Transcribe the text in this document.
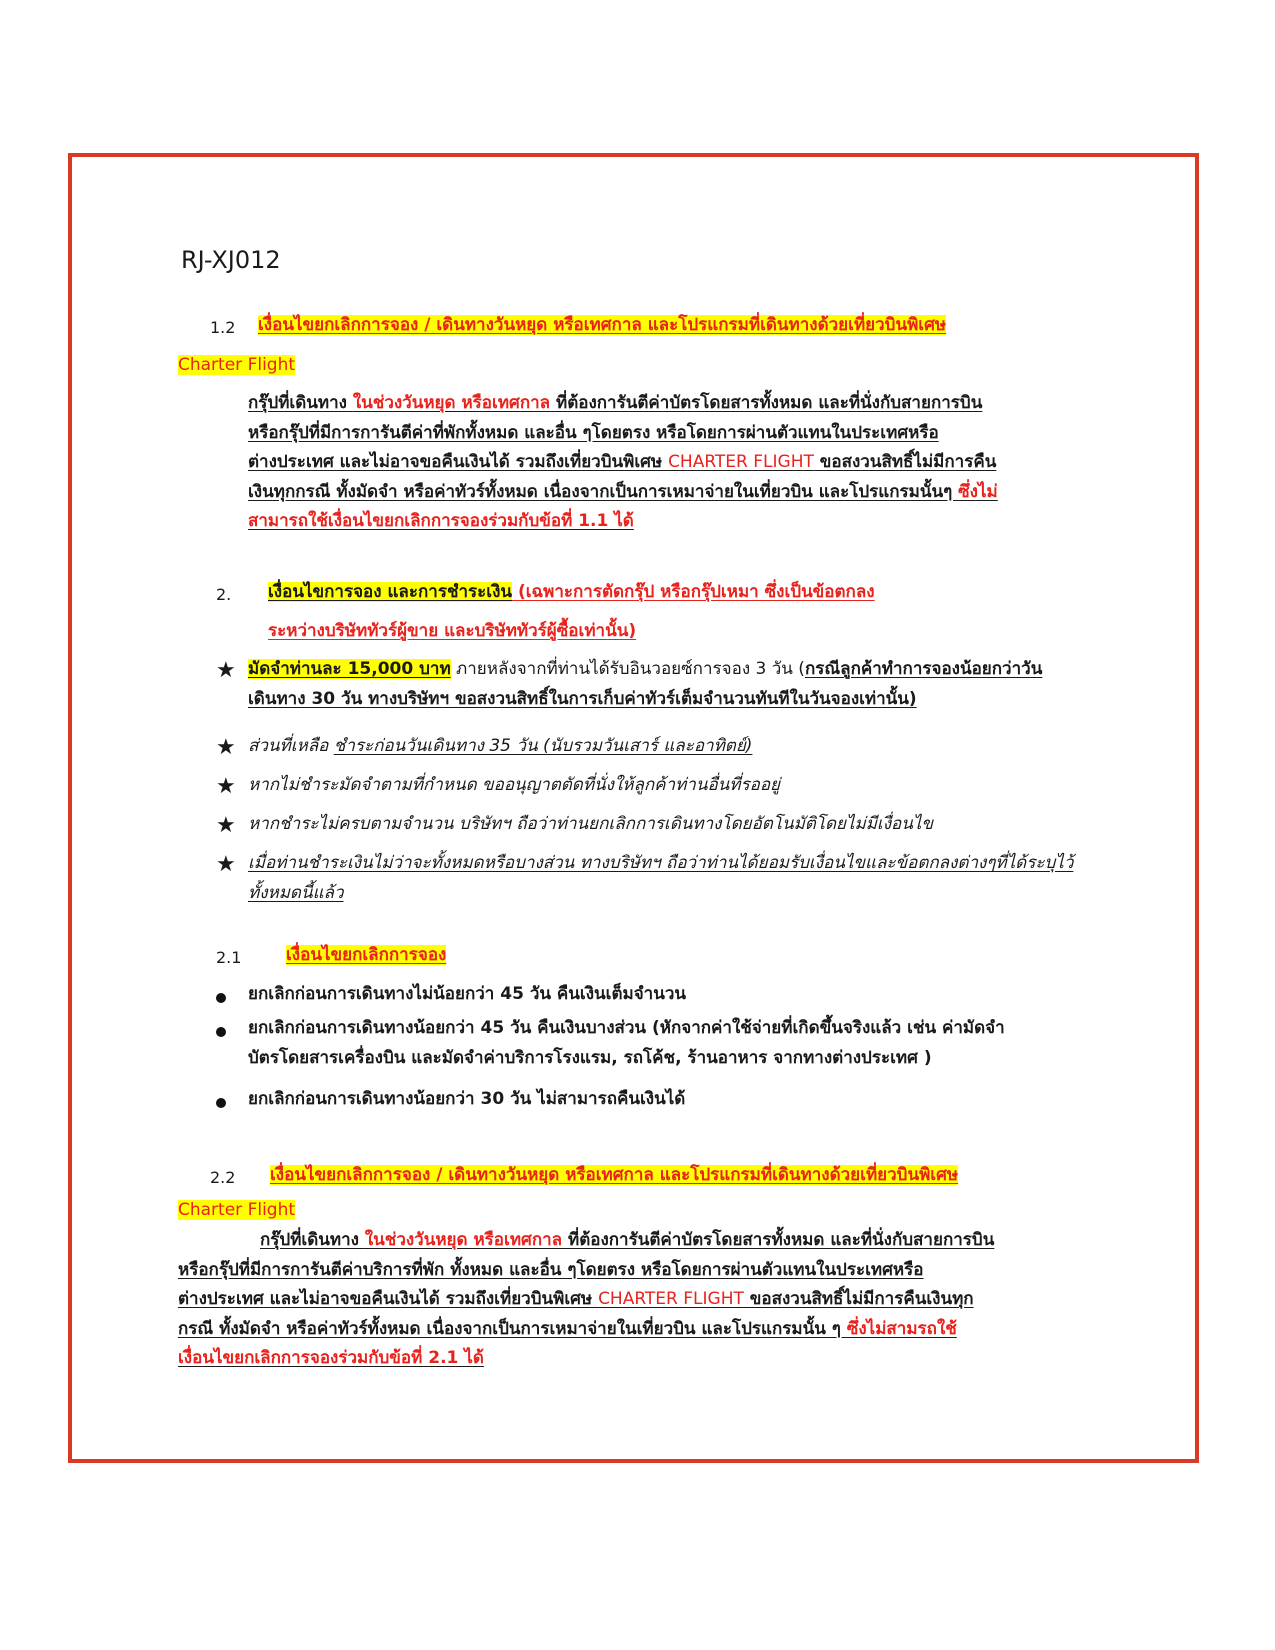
RJ-XJ012
1.2 เงื่อนไขยกเลิกการจอง / เดินทางวันหยุด หรือเทศกาล และโปรแกรมที่เดินทางด้วยเที่ยวบินพิเศษ
Charter Flight
กรุ๊ปที่เดินทาง ในช่วงวันหยุด หรือเทศกาล ที่ต้องการันตีค่าบัตรโดยสารทั้งหมด และที่นั่งกับสายการบิน
หรือกรุ๊ปที่มีการการันตีค่าที่พักทั้งหมด และอื่น ๆโดยตรง หรือโดยการผ่านตัวแทนในประเทศหรือ
ต่างประเทศ และไม่อาจขอคืนเงินได้ รวมถึงเที่ยวบินพิเศษ CHARTER FLIGHT ขอสงวนสิทธิ์ไม่มีการคืน
เงินทุกกรณี ทั้งมัดจำ หรือค่าทัวร์ทั้งหมด เนื่องจากเป็นการเหมาจ่ายในเที่ยวบิน และโปรแกรมนั้นๆ ซึ่งไม่
สามารถใช้เงื่อนไขยกเลิกการจองร่วมกับข้อที่ 1.1 ได้
2. เงื่อนไขการจอง และการชำระเงิน (เฉพาะการตัดกรุ๊ป หรือกรุ๊ปเหมา ซึ่งเป็นข้อตกลง
ระหว่างบริษัททัวร์ผู้ขาย และบริษัททัวร์ผู้ซื้อเท่านั้น)
★ มัดจำท่านละ 15,000 บาท ภายหลังจากที่ท่านได้รับอินวอยซ์การจอง 3 วัน (กรณีลูกค้าทำการจองน้อยกว่าวัน
เดินทาง 30 วัน ทางบริษัทฯ ขอสงวนสิทธิ์ในการเก็บค่าทัวร์เต็มจำนวนทันทีในวันจองเท่านั้น)
★ ส่วนที่เหลือ ชำระก่อนวันเดินทาง 35 วัน (นับรวมวันเสาร์ และอาทิตย์)
★ หากไม่ชำระมัดจำตามที่กำหนด ขออนุญาตตัดที่นั่งให้ลูกค้าท่านอื่นที่รออยู่
★ หากชำระไม่ครบตามจำนวน บริษัทฯ ถือว่าท่านยกเลิกการเดินทางโดยอัตโนมัติโดยไม่มีเงื่อนไข
★ เมื่อท่านชำระเงินไม่ว่าจะทั้งหมดหรือบางส่วน ทางบริษัทฯ ถือว่าท่านได้ยอมรับเงื่อนไขและข้อตกลงต่างๆที่ได้ระบุไว้
ทั้งหมดนี้แล้ว
2.1	เงื่อนไขยกเลิกการจอง
ยกเลิกก่อนการเดินทางไม่น้อยกว่า 45 วัน คืนเงินเต็มจำนวน
ยกเลิกก่อนการเดินทางน้อยกว่า 45 วัน คืนเงินบางส่วน (หักจากค่าใช้จ่ายที่เกิดขึ้นจริงแล้ว เช่น ค่ามัดจำ
บัตรโดยสารเครื่องบิน และมัดจำค่าบริการโรงแรม, รถโค้ช, ร้านอาหาร จากทางต่างประเทศ )
ยกเลิกก่อนการเดินทางน้อยกว่า 30 วัน ไม่สามารถคืนเงินได้
2.2 เงื่อนไขยกเลิกการจอง / เดินทางวันหยุด หรือเทศกาล และโปรแกรมที่เดินทางด้วยเที่ยวบินพิเศษ
Charter Flight
กรุ๊ปที่เดินทาง ในช่วงวันหยุด หรือเทศกาล ที่ต้องการันตีค่าบัตรโดยสารทั้งหมด และที่นั่งกับสายการบิน
หรือกรุ๊ปที่มีการการันตีค่าบริการที่พัก ทั้งหมด และอื่น ๆโดยตรง หรือโดยการผ่านตัวแทนในประเทศหรือ
ต่างประเทศ และไม่อาจขอคืนเงินได้ รวมถึงเที่ยวบินพิเศษ CHARTER FLIGHT ขอสงวนสิทธิ์ไม่มีการคืนเงินทุก
กรณี ทั้งมัดจำ หรือค่าทัวร์ทั้งหมด เนื่องจากเป็นการเหมาจ่ายในเที่ยวบิน และโปรแกรมนั้น ๆ ซึ่งไม่สามรถใช้
เงื่อนไขยกเลิกการจองร่วมกับข้อที่ 2.1 ได้
